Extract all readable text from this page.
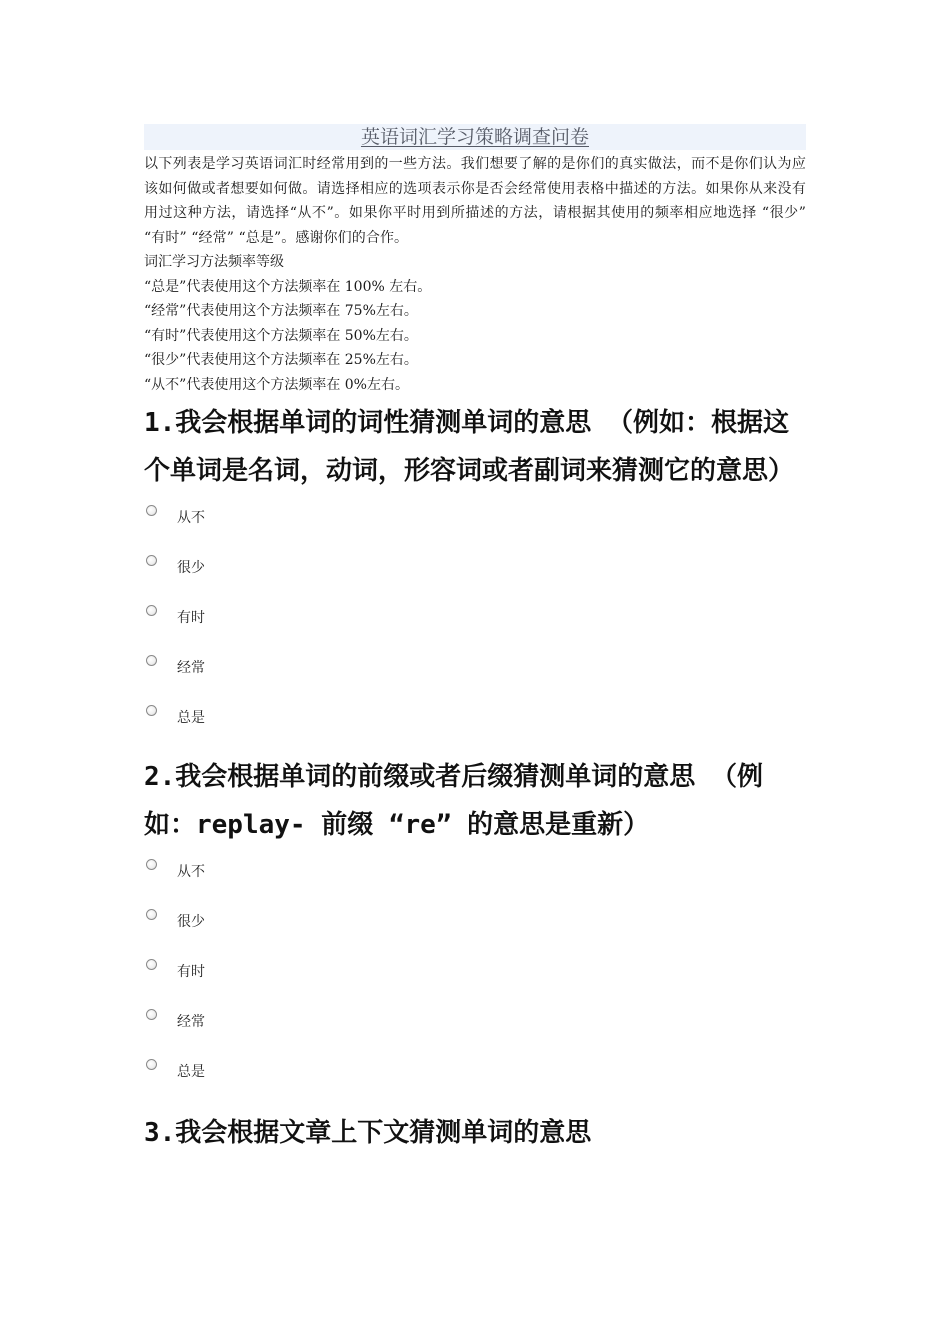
英语词汇学习策略调查问卷

以下列表是学习英语词汇时经常用到的一些方法。我们想要了解的是你们的真实做法，而不是你们认为应该如何做或者想要如何做。请选择相应的选项表示你是否会经常使用表格中描述的方法。如果你从来没有用过这种方法，请选择“从不”。如果你平时用到所描述的方法，请根据其使用的频率相应地选择 “很少” “有时” “经常” “总是”。感谢你们的合作。

词汇学习方法频率等级

“总是”代表使用这个方法频率在 100% 左右。

“经常”代表使用这个方法频率在 75%左右。

“有时”代表使用这个方法频率在 50%左右。

“很少”代表使用这个方法频率在 25%左右。

“从不”代表使用这个方法频率在 0%左右。

1.我会根据单词的词性猜测单词的意思 （例如：根据这个单词是名词，动词，形容词或者副词来猜测它的意思）

从不
很少
有时
经常
总是

2.我会根据单词的前缀或者后缀猜测单词的意思 （例如：replay- 前缀 “re” 的意思是重新）

从不
很少
有时
经常
总是

3.我会根据文章上下文猜测单词的意思
